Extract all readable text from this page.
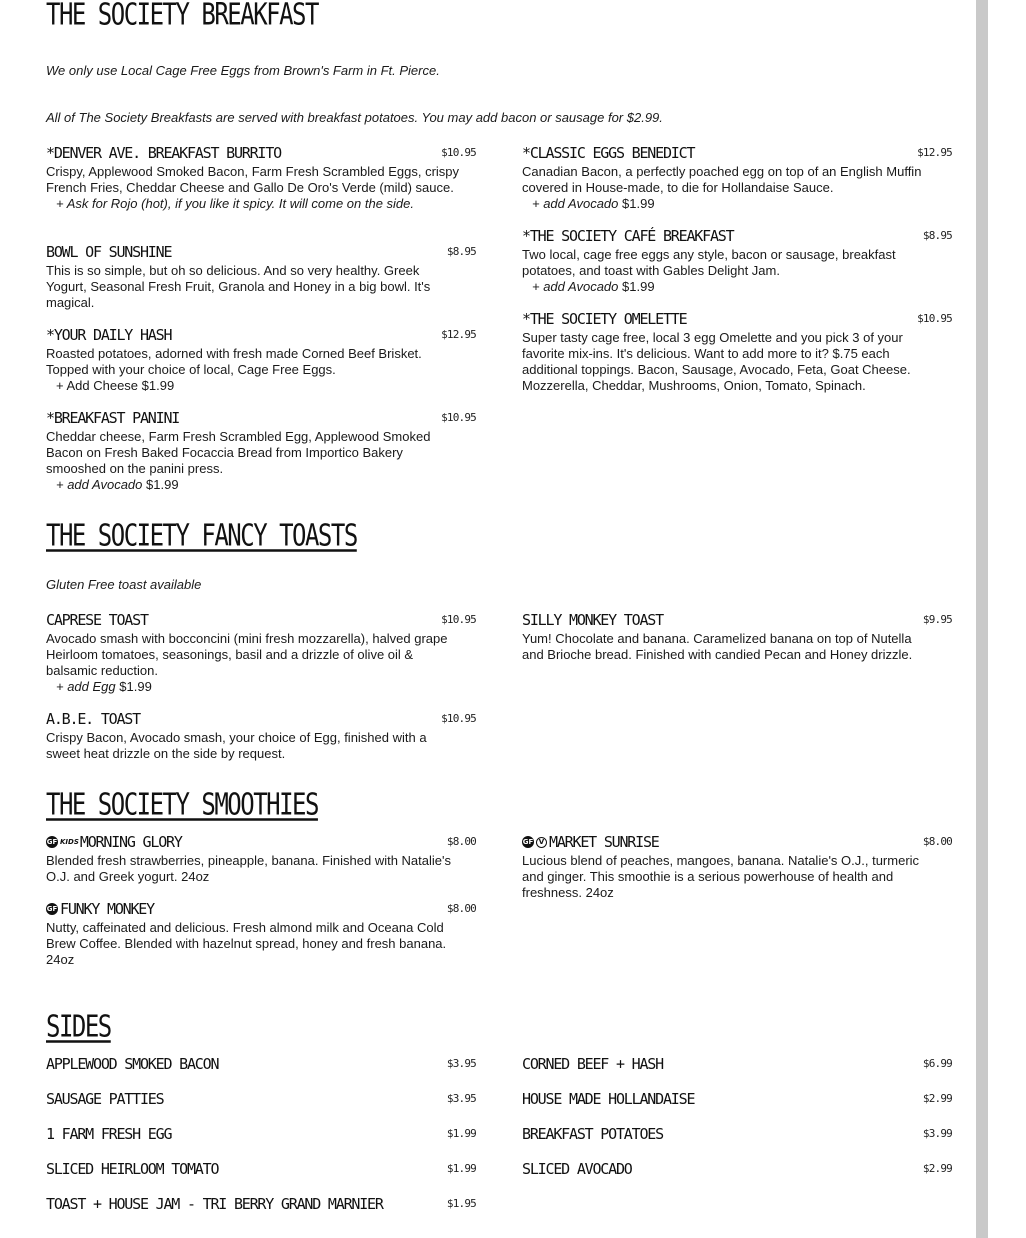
THE SOCIETY BREAKFAST

We only use Local Cage Free Eggs from Brown's Farm in Ft. Pierce.

All of The Society Breakfasts are served with breakfast potatoes. You may add bacon or sausage for $2.99.

*DENVER AVE. BREAKFAST BURRITO	$10.95

Crispy, Applewood Smoked Bacon, Farm Fresh Scrambled Eggs, crispy French Fries, Cheddar Cheese and Gallo De Oro's Verde (mild) sauce.

+ Ask for Rojo (hot), if you like it spicy. It will come on the side.

BOWL OF SUNSHINE	$8.95

This is so simple, but oh so delicious. And so very healthy. Greek Yogurt, Seasonal Fresh Fruit, Granola and Honey in a big bowl. It's magical.

*YOUR DAILY HASH	$12.95

Roasted potatoes, adorned with fresh made Corned Beef Brisket. Topped with your choice of local, Cage Free Eggs.

+ Add Cheese $1.99

*BREAKFAST PANINI	$10.95

Cheddar cheese, Farm Fresh Scrambled Egg, Applewood Smoked Bacon on Fresh Baked Focaccia Bread from Importico Bakery smooshed on the panini press.

+ add Avocado $1.99

*CLASSIC EGGS BENEDICT	$12.95

Canadian Bacon, a perfectly poached egg on top of an English Muffin covered in House-made, to die for Hollandaise Sauce.

+ add Avocado $1.99

*THE SOCIETY CAFÉ BREAKFAST	$8.95

Two local, cage free eggs any style, bacon or sausage, breakfast potatoes, and toast with Gables Delight Jam.

+ add Avocado $1.99

*THE SOCIETY OMELETTE	$10.95

Super tasty cage free, local 3 egg Omelette and you pick 3 of your favorite mix-ins. It's delicious. Want to add more to it? $.75 each additional toppings. Bacon, Sausage, Avocado, Feta, Goat Cheese. Mozzerella, Cheddar, Mushrooms, Onion, Tomato, Spinach.

THE SOCIETY FANCY TOASTS

Gluten Free toast available

CAPRESE TOAST	$10.95

Avocado smash with bocconcini (mini fresh mozzarella), halved grape Heirloom tomatoes, seasonings, basil and a drizzle of olive oil & balsamic reduction.

+ add Egg $1.99

A.B.E. TOAST	$10.95

Crispy Bacon, Avocado smash, your choice of Egg, finished with a sweet heat drizzle on the side by request.

SILLY MONKEY TOAST	$9.95

Yum! Chocolate and banana. Caramelized banana on top of Nutella and Brioche bread. Finished with candied Pecan and Honey drizzle.

THE SOCIETY SMOOTHIES
GF KIDS MORNING GLORY	$8.00

Blended fresh strawberries, pineapple, banana. Finished with Natalie's O.J. and Greek yogurt. 24oz

GF FUNKY MONKEY	$8.00

Nutty, caffeinated and delicious. Fresh almond milk and Oceana Cold Brew Coffee. Blended with hazelnut spread, honey and fresh banana. 24oz

GF V MARKET SUNRISE	$8.00

Lucious blend of peaches, mangoes, banana. Natalie's O.J., turmeric and ginger. This smoothie is a serious powerhouse of health and freshness. 24oz

SIDES
APPLEWOOD SMOKED BACON	$3.95
SAUSAGE PATTIES	$3.95
1 FARM FRESH EGG	$1.99
SLICED HEIRLOOM TOMATO	$1.99
TOAST + HOUSE JAM - TRI BERRY GRAND MARNIER	$1.95
CORNED BEEF + HASH	$6.99
HOUSE MADE HOLLANDAISE	$2.99
BREAKFAST POTATOES	$3.99
SLICED AVOCADO	$2.99
